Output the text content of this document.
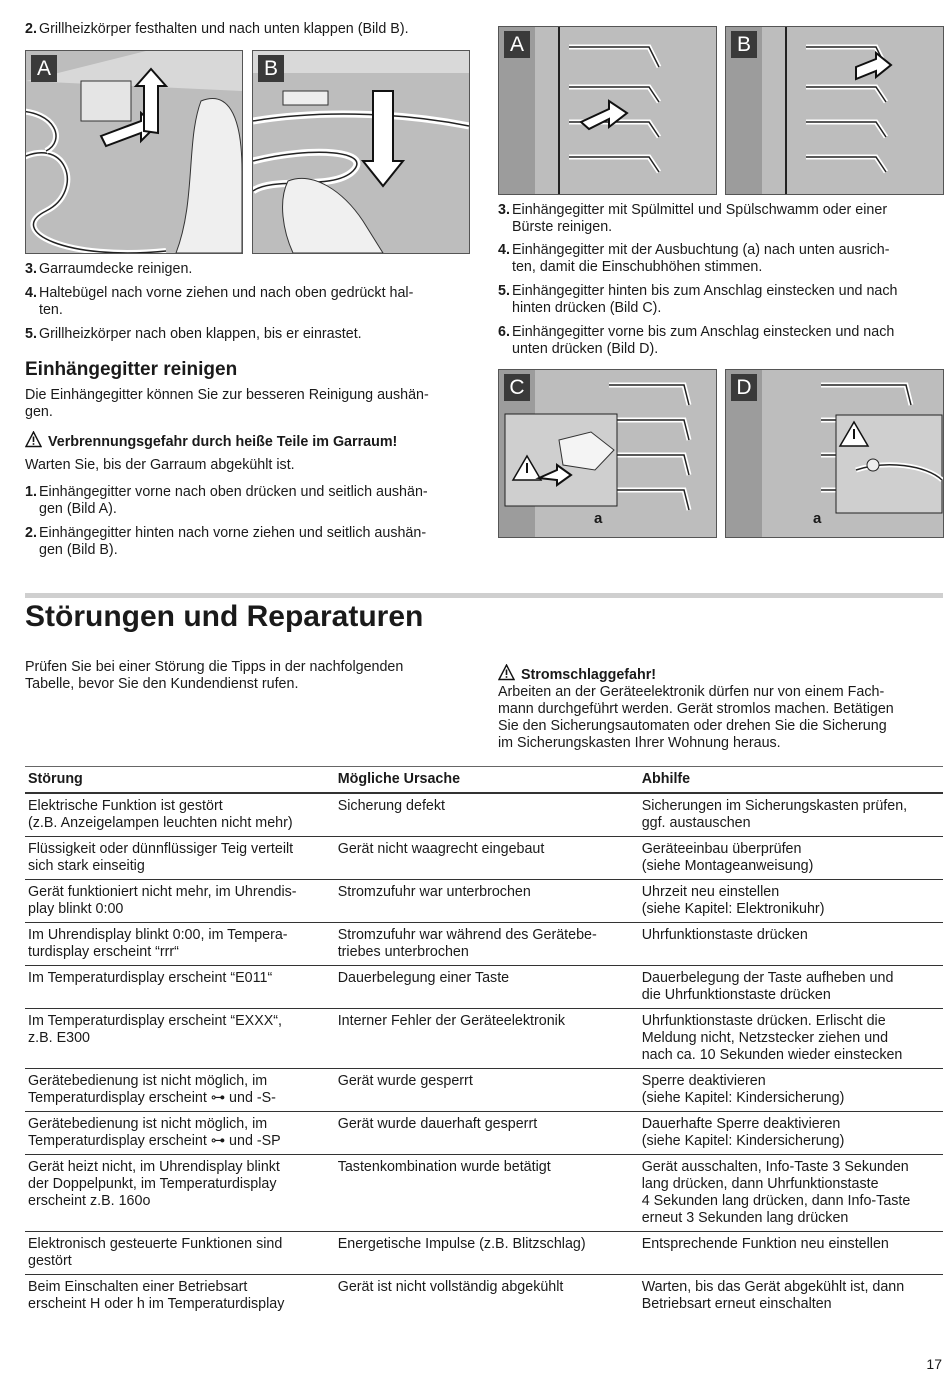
2. Grillheizkörper festhalten und nach unten klappen (Bild B).
A	B
3. Garraumdecke reinigen.
4. Haltebügel nach vorne ziehen und nach oben gedrückt hal-
ten.
5. Grillheizkörper nach oben klappen, bis er einrastet.
Einhängegitter reinigen
Die Einhängegitter können Sie zur besseren Reinigung aushän-
gen.
Verbrennungsgefahr durch heiße Teile im Garraum!
Warten Sie, bis der Garraum abgekühlt ist.
1. Einhängegitter vorne nach oben drücken und seitlich aushän-
gen (Bild A).
2. Einhängegitter hinten nach vorne ziehen und seitlich aushän-
gen (Bild B).
A	B
3. Einhängegitter mit Spülmittel und Spülschwamm oder einer
Bürste reinigen.
4. Einhängegitter mit der Ausbuchtung (a) nach unten ausrich-
ten, damit die Einschubhöhen stimmen.
5. Einhängegitter hinten bis zum Anschlag einstecken und nach
hinten drücken (Bild C).
6. Einhängegitter vorne bis zum Anschlag einstecken und nach
unten drücken (Bild D).
C
a
D
a
Störungen und Reparaturen
Prüfen Sie bei einer Störung die Tipps in der nachfolgenden
Tabelle, bevor Sie den Kundendienst rufen.
Stromschlaggefahr!
Arbeiten an der Geräteelektronik dürfen nur von einem Fach-
mann durchgeführt werden. Gerät stromlos machen. Betätigen
Sie den Sicherungsautomaten oder drehen Sie die Sicherung
im Sicherungskasten Ihrer Wohnung heraus.
Störung	Mögliche Ursache	Abhilfe
Elektrische Funktion ist gestört
(z.B. Anzeigelampen leuchten nicht mehr)	Sicherung defekt	Sicherungen im Sicherungskasten prüfen,
ggf. austauschen
Flüssigkeit oder dünnflüssiger Teig verteilt
sich stark einseitig	Gerät nicht waagrecht eingebaut	Geräteeinbau überprüfen
(siehe Montageanweisung)
Gerät funktioniert nicht mehr, im Uhrendis-
play blinkt 0:00	Stromzufuhr war unterbrochen	Uhrzeit neu einstellen
(siehe Kapitel: Elektronikuhr)
Im Uhrendisplay blinkt 0:00, im Tempera-
turdisplay erscheint “rrr“	Stromzufuhr war während des Gerätebe-
triebes unterbrochen	Uhrfunktionstaste drücken
Im Temperaturdisplay erscheint “E011“	Dauerbelegung einer Taste	Dauerbelegung der Taste aufheben und
die Uhrfunktionstaste drücken
Im Temperaturdisplay erscheint “EXXX“,
z.B. E300	Interner Fehler der Geräteelektronik	Uhrfunktionstaste drücken. Erlischt die
Meldung nicht, Netzstecker ziehen und
nach ca. 10 Sekunden wieder einstecken
Gerätebedienung ist nicht möglich, im
Temperaturdisplay erscheint ⊶ und -S-	Gerät wurde gesperrt	Sperre deaktivieren
(siehe Kapitel: Kindersicherung)
Gerätebedienung ist nicht möglich, im
Temperaturdisplay erscheint ⊶ und -SP	Gerät wurde dauerhaft gesperrt	Dauerhafte Sperre deaktivieren
(siehe Kapitel: Kindersicherung)
Gerät heizt nicht, im Uhrendisplay blinkt
der Doppelpunkt, im Temperaturdisplay
erscheint z.B. 160o	Tastenkombination wurde betätigt	Gerät ausschalten, Info-Taste 3 Sekunden
lang drücken, dann Uhrfunktionstaste
4 Sekunden lang drücken, dann Info-Taste
erneut 3 Sekunden lang drücken
Elektronisch gesteuerte Funktionen sind
gestört	Energetische Impulse (z.B. Blitzschlag)	Entsprechende Funktion neu einstellen
Beim Einschalten einer Betriebsart
erscheint H oder h im Temperaturdisplay	Gerät ist nicht vollständig abgekühlt	Warten, bis das Gerät abgekühlt ist, dann
Betriebsart erneut einschalten
17
